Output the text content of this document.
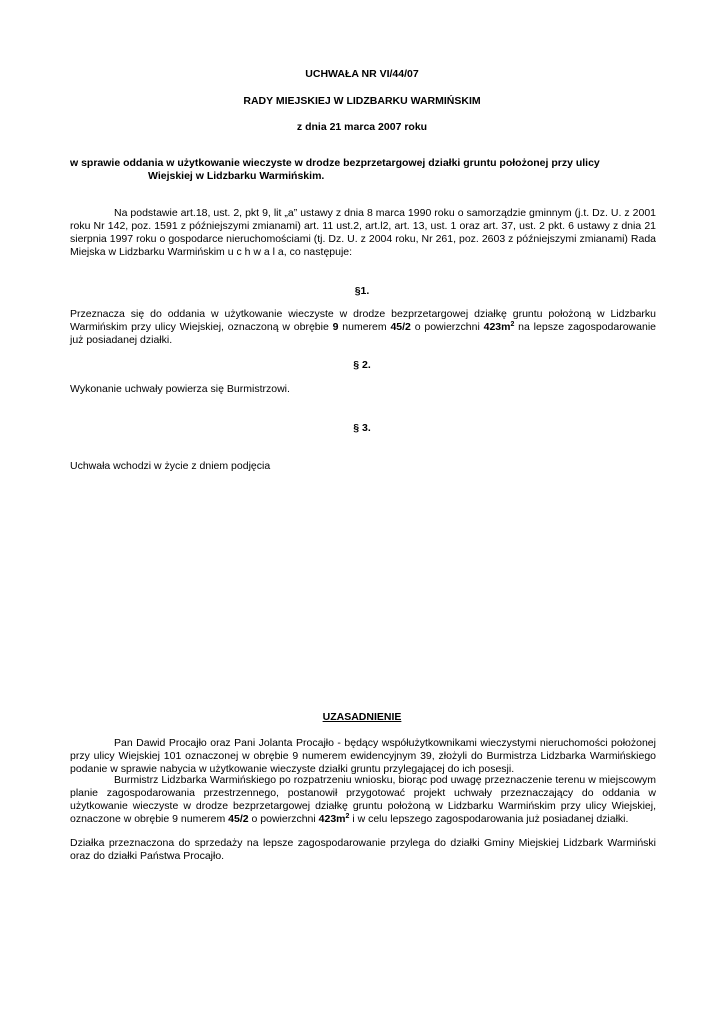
UCHWAŁA NR VI/44/07
RADY MIEJSKIEJ W LIDZBARKU WARMIŃSKIM
z dnia 21 marca 2007 roku
w sprawie oddania w użytkowanie wieczyste w drodze bezprzetargowej działki gruntu położonej przy ulicy
Wiejskiej w Lidzbarku Warmińskim.
Na podstawie art.18, ust. 2, pkt 9, lit „a” ustawy z dnia 8 marca 1990 roku o samorządzie gminnym (j.t. Dz. U. z 2001 roku Nr 142, poz. 1591 z późniejszymi zmianami) art. 11 ust.2, art.l2, art. 13, ust. 1 oraz art. 37, ust. 2 pkt. 6 ustawy z dnia 21 sierpnia 1997 roku o gospodarce nieruchomościami (tj. Dz. U. z 2004 roku, Nr 261, poz. 2603 z późniejszymi zmianami) Rada Miejska w Lidzbarku Warmińskim u c h w a l a, co następuje:
§1.
Przeznacza się do oddania w użytkowanie wieczyste w drodze bezprzetargowej działkę gruntu położoną w Lidzbarku Warmińskim przy ulicy Wiejskiej, oznaczoną w obrębie 9 numerem 45/2 o powierzchni $423m^2$ na lepsze zagospodarowanie już posiadanej działki.
§ 2.
Wykonanie uchwały powierza się Burmistrzowi.
§ 3.
Uchwała wchodzi w życie z dniem podjęcia
UZASADNIENIE
Pan Dawid Procajło oraz Pani Jolanta Procajło - będący współużytkownikami wieczystymi nieruchomości położonej przy ulicy Wiejskiej 101 oznaczonej w obrębie 9 numerem ewidencyjnym 39, złożyli do Burmistrza Lidzbarka Warmińskiego podanie w sprawie nabycia w użytkowanie wieczyste działki gruntu przylegającej do ich posesji.
Burmistrz Lidzbarka Warmińskiego po rozpatrzeniu wniosku, biorąc pod uwagę przeznaczenie terenu w miejscowym planie zagospodarowania przestrzennego, postanowił przygotować projekt uchwały przeznaczający do oddania w użytkowanie wieczyste w drodze bezprzetargowej działkę gruntu położoną w Lidzbarku Warmińskim przy ulicy Wiejskiej, oznaczone w obrębie 9 numerem 45/2 o powierzchni $423m^2$ i w celu lepszego zagospodarowania już posiadanej działki.
Działka przeznaczona do sprzedaży na lepsze zagospodarowanie przylega do działki Gminy Miejskiej Lidzbark Warmiński oraz do działki Państwa Procajło.
